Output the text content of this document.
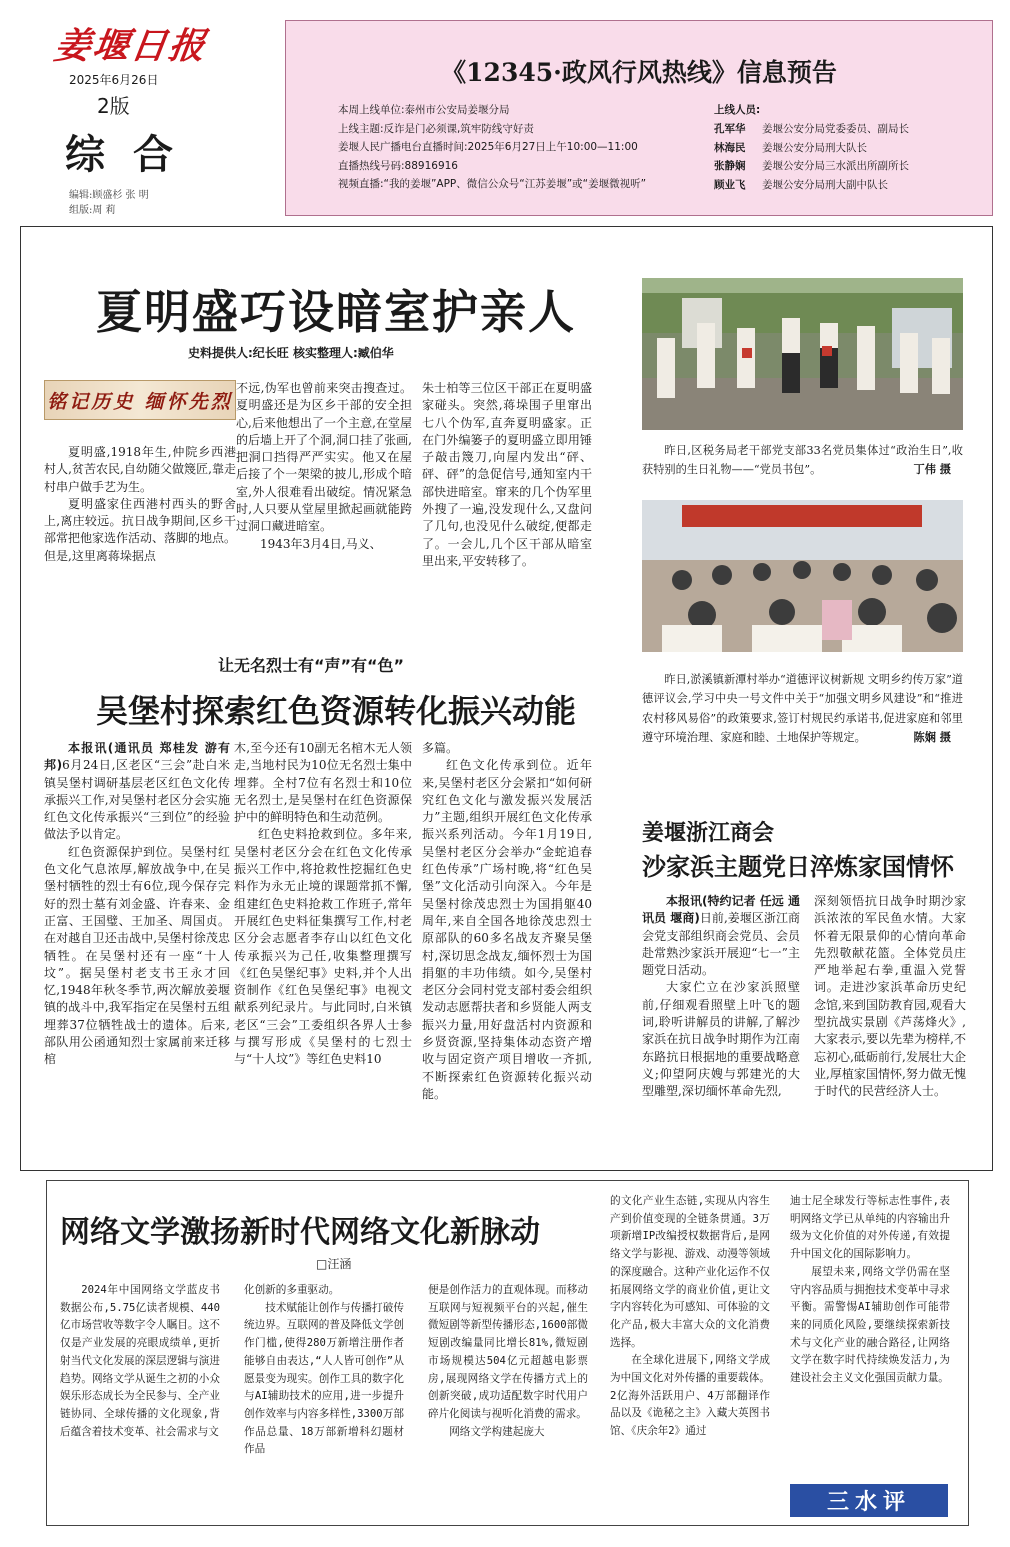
姜堰日报
2025年6月26日
2版
综合
编辑:顾盛杉 张 明
组版:周 莉
《12345·政风行风热线》信息预告
本周上线单位:泰州市公安局姜堰分局
上线主题:反诈是门必须课,筑牢防线守好责
姜堰人民广播电台直播时间:2025年6月27日上午10:00—11:00
直播热线号码:88916916
视频直播:“我的姜堰”APP、微信公众号“江苏姜堰”或“姜堰微视听”
上线人员:
孔军华 姜堰公安分局党委委员、副局长
林海民 姜堰公安分局刑大队长
张静娴 姜堰公安分局三水派出所副所长
顾业飞 姜堰公安分局刑大副中队长
夏明盛巧设暗室护亲人
史料提供人:纪长旺 核实整理人:臧伯华
铭记历史 缅怀先烈

夏明盛,1918年生,仲院乡西港村人,贫苦农民,自幼随父做篾匠,靠走村串户做手艺为生。

夏明盛家住西港村西头的野舍上,离庄较远。抗日战争期间,区乡干部常把他家选作活动、落脚的地点。但是,这里离蒋垛据点

不远,伪军也曾前来突击搜查过。夏明盛还是为区乡干部的安全担心,后来他想出了一个主意,在堂屋的后墙上开了个洞,洞口挂了张画,把洞口挡得严严实实。他又在屋后接了个一架梁的披儿,形成个暗室,外人很难看出破绽。情况紧急时,人只要从堂屋里掀起画就能跨过洞口藏进暗室。

1943年3月4日,马义、

朱士柏等三位区干部正在夏明盛家碰头。突然,蒋垛围子里窜出七八个伪军,直奔夏明盛家。正在门外编篓子的夏明盛立即用锤子敲击篾刀,向屋内发出“砰、砰、砰”的急促信号,通知室内干部快进暗室。窜来的几个伪军里外搜了一遍,没发现什么,又盘问了几句,也没见什么破绽,便都走了。一会儿,几个区干部从暗室里出来,平安转移了。
昨日,区税务局老干部党支部33名党员集体过“政治生日”,收获特别的生日礼物——“党员书包”。	丁伟 摄
昨日,淤溪镇新潭村举办“道德评议树新规 文明乡约传万家”道德评议会,学习中央一号文件中关于“加强文明乡风建设”和“推进农村移风易俗”的政策要求,签订村规民约承诺书,促进家庭和邻里遵守环境治理、家庭和睦、土地保护等规定。	陈娴 摄
让无名烈士有“声”有“色”
吴堡村探索红色资源转化振兴动能
本报讯(通讯员 郑桂发 游有邦)6月24日,区老区“三会”赴白米镇吴堡村调研基层老区红色文化传承振兴工作,对吴堡村老区分会实施红色文化传承振兴“三到位”的经验做法予以肯定。

红色资源保护到位。吴堡村红色文化气息浓厚,解放战争中,在吴堡村牺牲的烈士有6位,现今保存完好的烈士墓有刘金盛、许春来、金正富、王国璧、王加圣、周国贞。在对越自卫还击战中,吴堡村徐茂忠牺牲。在吴堡村还有一座“十人坟”。据吴堡村老支书王永才回忆,1948年秋冬季节,两次解放姜堰镇的战斗中,我军指定在吴堡村五组埋葬37位牺牲战士的遗体。后来,部队用公函通知烈士家属前来迁移棺

木,至今还有10副无名棺木无人领走,当地村民为10位无名烈士集中埋葬。全村7位有名烈士和10位无名烈士,是吴堡村在红色资源保护中的鲜明特色和生动范例。

红色史料抢救到位。多年来,吴堡村老区分会在红色文化传承振兴工作中,将抢救性挖掘红色史料作为永无止境的课题常抓不懈,组建红色史料抢救工作班子,常年开展红色史料征集撰写工作,村老区分会志愿者李存山以红色文化传承振兴为己任,收集整理撰写《红色吴堡纪事》史料,并个人出资制作《红色吴堡纪事》电视文献系列纪录片。与此同时,白米镇老区“三会”工委组织各界人士参与撰写形成《吴堡村的七烈士与“十人坟”》等红色史料10

多篇。

红色文化传承到位。近年来,吴堡村老区分会紧扣“如何研究红色文化与激发振兴发展活力”主题,组织开展红色文化传承振兴系列活动。今年1月19日,吴堡村老区分会举办“金蛇追春 红色传承”广场村晚,将“红色吴堡”文化活动引向深入。今年是吴堡村徐茂忠烈士为国捐躯40周年,来自全国各地徐茂忠烈士原部队的60多名战友齐聚吴堡村,深切思念战友,缅怀烈士为国捐躯的丰功伟绩。如今,吴堡村老区分会同村党支部村委会组织发动志愿帮扶者和乡贤能人两支振兴力量,用好盘活村内资源和乡贤资源,坚持集体动态资产增收与固定资产项目增收一齐抓,不断探索红色资源转化振兴动能。

姜堰浙江商会
沙家浜主题党日淬炼家国情怀
本报讯(特约记者 任远 通讯员 堰商)日前,姜堰区浙江商会党支部组织商会党员、会员赴常熟沙家浜开展迎“七一”主题党日活动。

大家伫立在沙家浜照壁前,仔细观看照壁上叶飞的题词,聆听讲解员的讲解,了解沙家浜在抗日战争时期作为江南东路抗日根据地的重要战略意义;仰望阿庆嫂与郭建光的大型雕塑,深切缅怀革命先烈,

深刻领悟抗日战争时期沙家浜浓浓的军民鱼水情。大家怀着无限景仰的心情向革命先烈敬献花篮。全体党员庄严地举起右拳,重温入党誓词。走进沙家浜革命历史纪念馆,来到国防教育园,观看大型抗战实景剧《芦荡烽火》,大家表示,要以先辈为榜样,不忘初心,砥砺前行,发展壮大企业,厚植家国情怀,努力做无愧于时代的民营经济人士。
网络文学激扬新时代网络文化新脉动
□汪涵

2024年中国网络文学蓝皮书数据公布,5.75亿读者规模、440亿市场营收等数字令人瞩目。这不仅是产业发展的亮眼成绩单,更折射当代文化发展的深层逻辑与演进趋势。网络文学从诞生之初的小众娱乐形态成长为全民参与、全产业链协同、全球传播的文化现象,背后蕴含着技术变革、社会需求与文

化创新的多重驱动。

技术赋能让创作与传播打破传统边界。互联网的普及降低文学创作门槛,使得280万新增注册作者能够自由表达,“人人皆可创作”从愿景变为现实。创作工具的数字化与AI辅助技术的应用,进一步提升创作效率与内容多样性,3300万部作品总量、18万部新增科幻题材作品

便是创作活力的直观体现。而移动互联网与短视频平台的兴起,催生微短剧等新型传播形态,1600部微短剧改编量同比增长81%,微短剧市场规模达504亿元超越电影票房,展现网络文学在传播方式上的创新突破,成功适配数字时代用户碎片化阅读与视听化消费的需求。

网络文学构建起庞大

的文化产业生态链,实现从内容生产到价值变现的全链条贯通。3万项新增IP改编授权数据背后,是网络文学与影视、游戏、动漫等领域的深度融合。这种产业化运作不仅拓展网络文学的商业价值,更让文字内容转化为可感知、可体验的文化产品,极大丰富大众的文化消费选择。

在全球化进展下,网络文学成为中国文化对外传播的重要载体。2亿海外活跃用户、4万部翻译作品以及《诡秘之主》入藏大英图书馆、《庆余年2》通过

迪士尼全球发行等标志性事件,表明网络文学已从单纯的内容输出升级为文化价值的对外传递,有效提升中国文化的国际影响力。

展望未来,网络文学仍需在坚守内容品质与拥抱技术变革中寻求平衡。需警惕AI辅助创作可能带来的同质化风险,要继续探索新技术与文化产业的融合路径,让网络文学在数字时代持续焕发活力,为建设社会主义文化强国贡献力量。

三水评
